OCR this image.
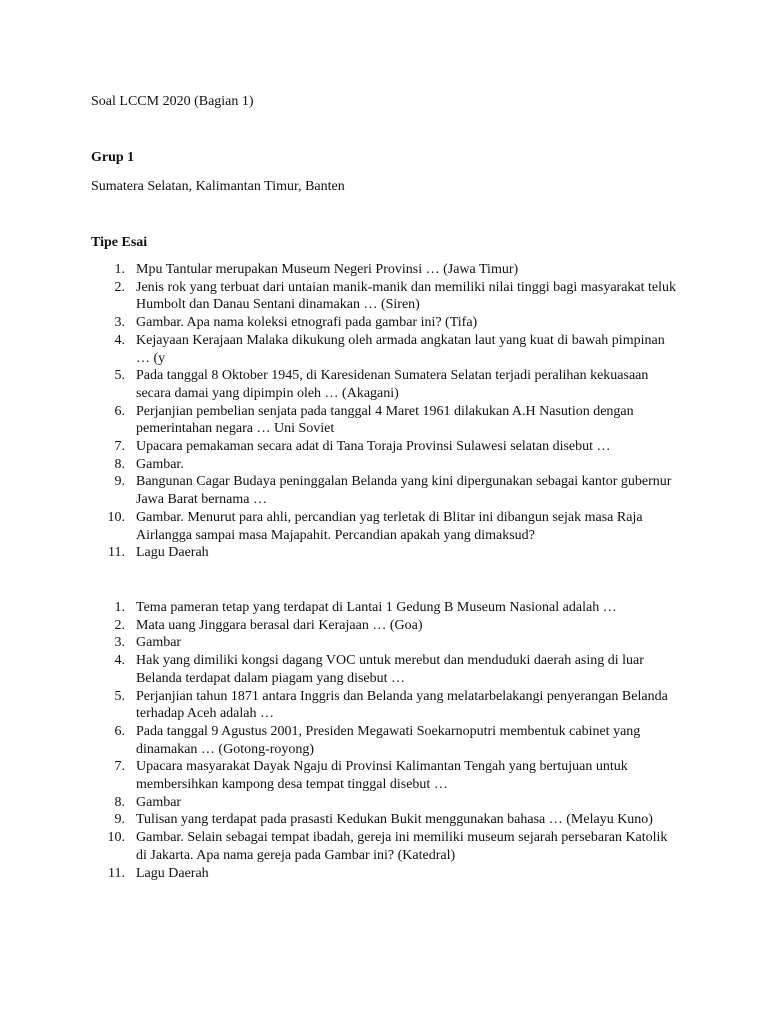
Soal LCCM 2020 (Bagian 1)

Grup 1

Sumatera Selatan, Kalimantan Timur, Banten

Tipe Esai

1. Mpu Tantular merupakan Museum Negeri Provinsi … (Jawa Timur)
2. Jenis rok yang terbuat dari untaian manik-manik dan memiliki nilai tinggi bagi masyarakat teluk Humbolt dan Danau Sentani dinamakan … (Siren)
3. Gambar. Apa nama koleksi etnografi pada gambar ini? (Tifa)
4. Kejayaan Kerajaan Malaka dikukung oleh armada angkatan laut yang kuat di bawah pimpinan … (y
5. Pada tanggal 8 Oktober 1945, di Karesidenan Sumatera Selatan terjadi peralihan kekuasaan secara damai yang dipimpin oleh … (Akagani)
6. Perjanjian pembelian senjata pada tanggal 4 Maret 1961 dilakukan A.H Nasution dengan pemerintahan negara … Uni Soviet
7. Upacara pemakaman secara adat di Tana Toraja Provinsi Sulawesi selatan disebut …
8. Gambar.
9. Bangunan Cagar Budaya peninggalan Belanda yang kini dipergunakan sebagai kantor gubernur Jawa Barat bernama …
10. Gambar. Menurut para ahli, percandian yag terletak di Blitar ini dibangun sejak masa Raja Airlangga sampai masa Majapahit. Percandian apakah yang dimaksud?
11. Lagu Daerah
1. Tema pameran tetap yang terdapat di Lantai 1 Gedung B Museum Nasional adalah …
2. Mata uang Jinggara berasal dari Kerajaan … (Goa)
3. Gambar
4. Hak yang dimiliki kongsi dagang VOC untuk merebut dan menduduki daerah asing di luar Belanda terdapat dalam piagam yang disebut …
5. Perjanjian tahun 1871 antara Inggris dan Belanda yang melatarbelakangi penyerangan Belanda terhadap Aceh adalah …
6. Pada tanggal 9 Agustus 2001, Presiden Megawati Soekarnoputri membentuk cabinet yang dinamakan … (Gotong-royong)
7. Upacara masyarakat Dayak Ngaju di Provinsi Kalimantan Tengah yang bertujuan untuk membersihkan kampong desa tempat tinggal disebut …
8. Gambar
9. Tulisan yang terdapat pada prasasti Kedukan Bukit menggunakan bahasa … (Melayu Kuno)
10. Gambar. Selain sebagai tempat ibadah, gereja ini memiliki museum sejarah persebaran Katolik di Jakarta. Apa nama gereja pada Gambar ini? (Katedral)
11. Lagu Daerah
